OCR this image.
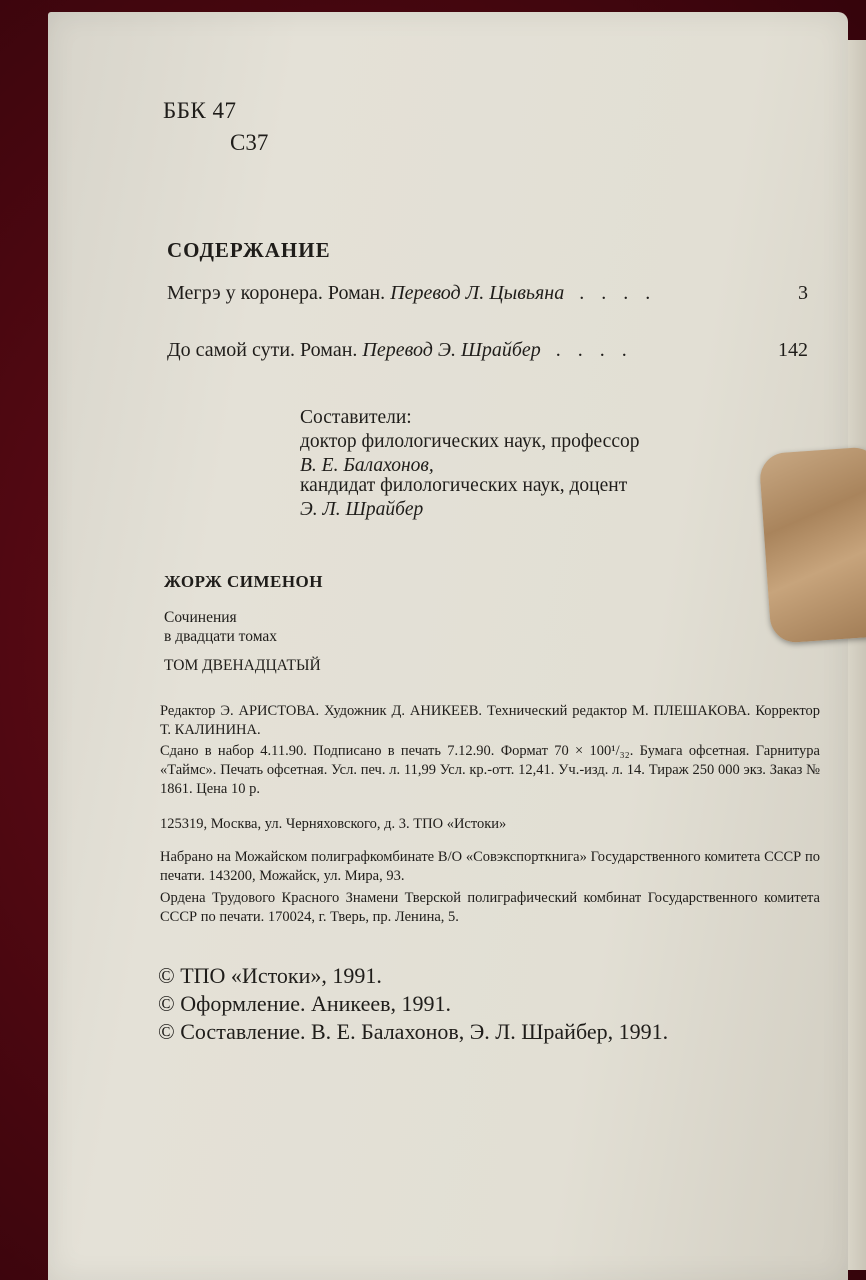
ББК 47
С37
СОДЕРЖАНИЕ
Мегрэ у коронера. Роман. Перевод Л. Цывьяна . . . .	3
До самой сути. Роман. Перевод Э. Шрайбер . . . .	142
Составители:
доктор филологических наук, профессор
В. Е. Балахонов,
кандидат филологических наук, доцент
Э. Л. Шрайбер
ЖОРЖ СИМЕНОН
Сочинения
в двадцати томах
ТОМ ДВЕНАДЦАТЫЙ
Редактор Э. АРИСТОВА. Художник Д. АНИКЕЕВ. Технический редактор М. ПЛЕШАКОВА. Корректор Т. КАЛИНИНА.
Сдано в набор 4.11.90. Подписано в печать 7.12.90. Формат 70 × 100¹/₃₂. Бумага офсетная. Гарнитура «Таймс». Печать офсетная. Усл. печ. л. 11,99 Усл. кр.-отт. 12,41. Уч.-изд. л. 14. Тираж 250 000 экз. Заказ № 1861. Цена 10 р.
125319, Москва, ул. Черняховского, д. 3. ТПО «Истоки»
Набрано на Можайском полиграфкомбинате В/О «Совэкспорткнига» Государственного комитета СССР по печати. 143200, Можайск, ул. Мира, 93.
Ордена Трудового Красного Знамени Тверской полиграфический комбинат Государственного комитета СССР по печати. 170024, г. Тверь, пр. Ленина, 5.
© ТПО «Истоки», 1991.
© Оформление. Аникеев, 1991.
© Составление. В. Е. Балахонов, Э. Л. Шрайбер, 1991.
